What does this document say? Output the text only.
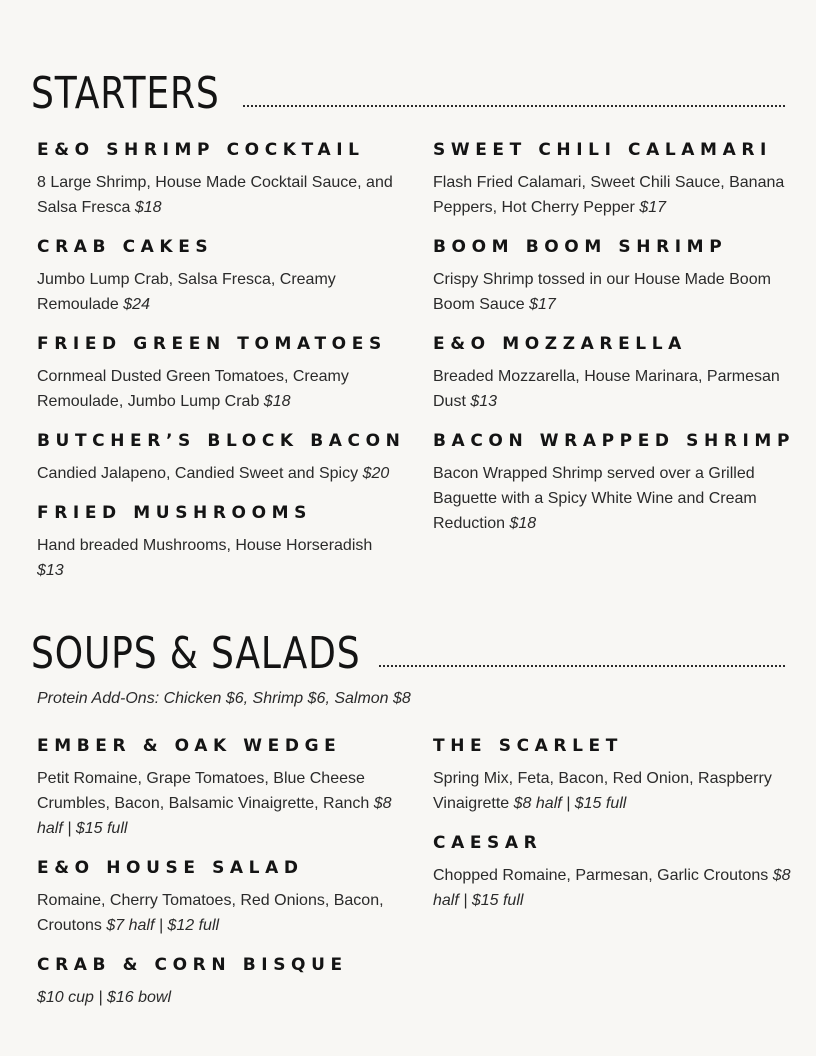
STARTERS
E&O SHRIMP COCKTAIL
8 Large Shrimp, House Made Cocktail Sauce, and Salsa Fresca $18
CRAB CAKES
Jumbo Lump Crab, Salsa Fresca, Creamy Remoulade $24
FRIED GREEN TOMATOES
Cornmeal Dusted Green Tomatoes, Creamy Remoulade, Jumbo Lump Crab $18
BUTCHER’S BLOCK BACON
Candied Jalapeno, Candied Sweet and Spicy $20
FRIED MUSHROOMS
Hand breaded Mushrooms, House Horseradish $13
SWEET CHILI CALAMARI
Flash Fried Calamari, Sweet Chili Sauce, Banana Peppers, Hot Cherry Pepper $17
BOOM BOOM SHRIMP
Crispy Shrimp tossed in our House Made Boom Boom Sauce $17
E&O MOZZARELLA
Breaded Mozzarella, House Marinara, Parmesan Dust $13
BACON WRAPPED SHRIMP
Bacon Wrapped Shrimp served over a Grilled Baguette with a Spicy White Wine and Cream Reduction $18
SOUPS & SALADS
Protein Add-Ons: Chicken $6, Shrimp $6, Salmon $8
EMBER & OAK WEDGE
Petit Romaine, Grape Tomatoes, Blue Cheese Crumbles, Bacon, Balsamic Vinaigrette, Ranch $8 half | $15 full
E&O HOUSE SALAD
Romaine, Cherry Tomatoes, Red Onions, Bacon, Croutons $7 half | $12 full
CRAB & CORN BISQUE
$10 cup | $16 bowl
THE SCARLET
Spring Mix, Feta, Bacon, Red Onion, Raspberry Vinaigrette $8 half | $15 full
CAESAR
Chopped Romaine, Parmesan, Garlic Croutons $8 half | $15 full
